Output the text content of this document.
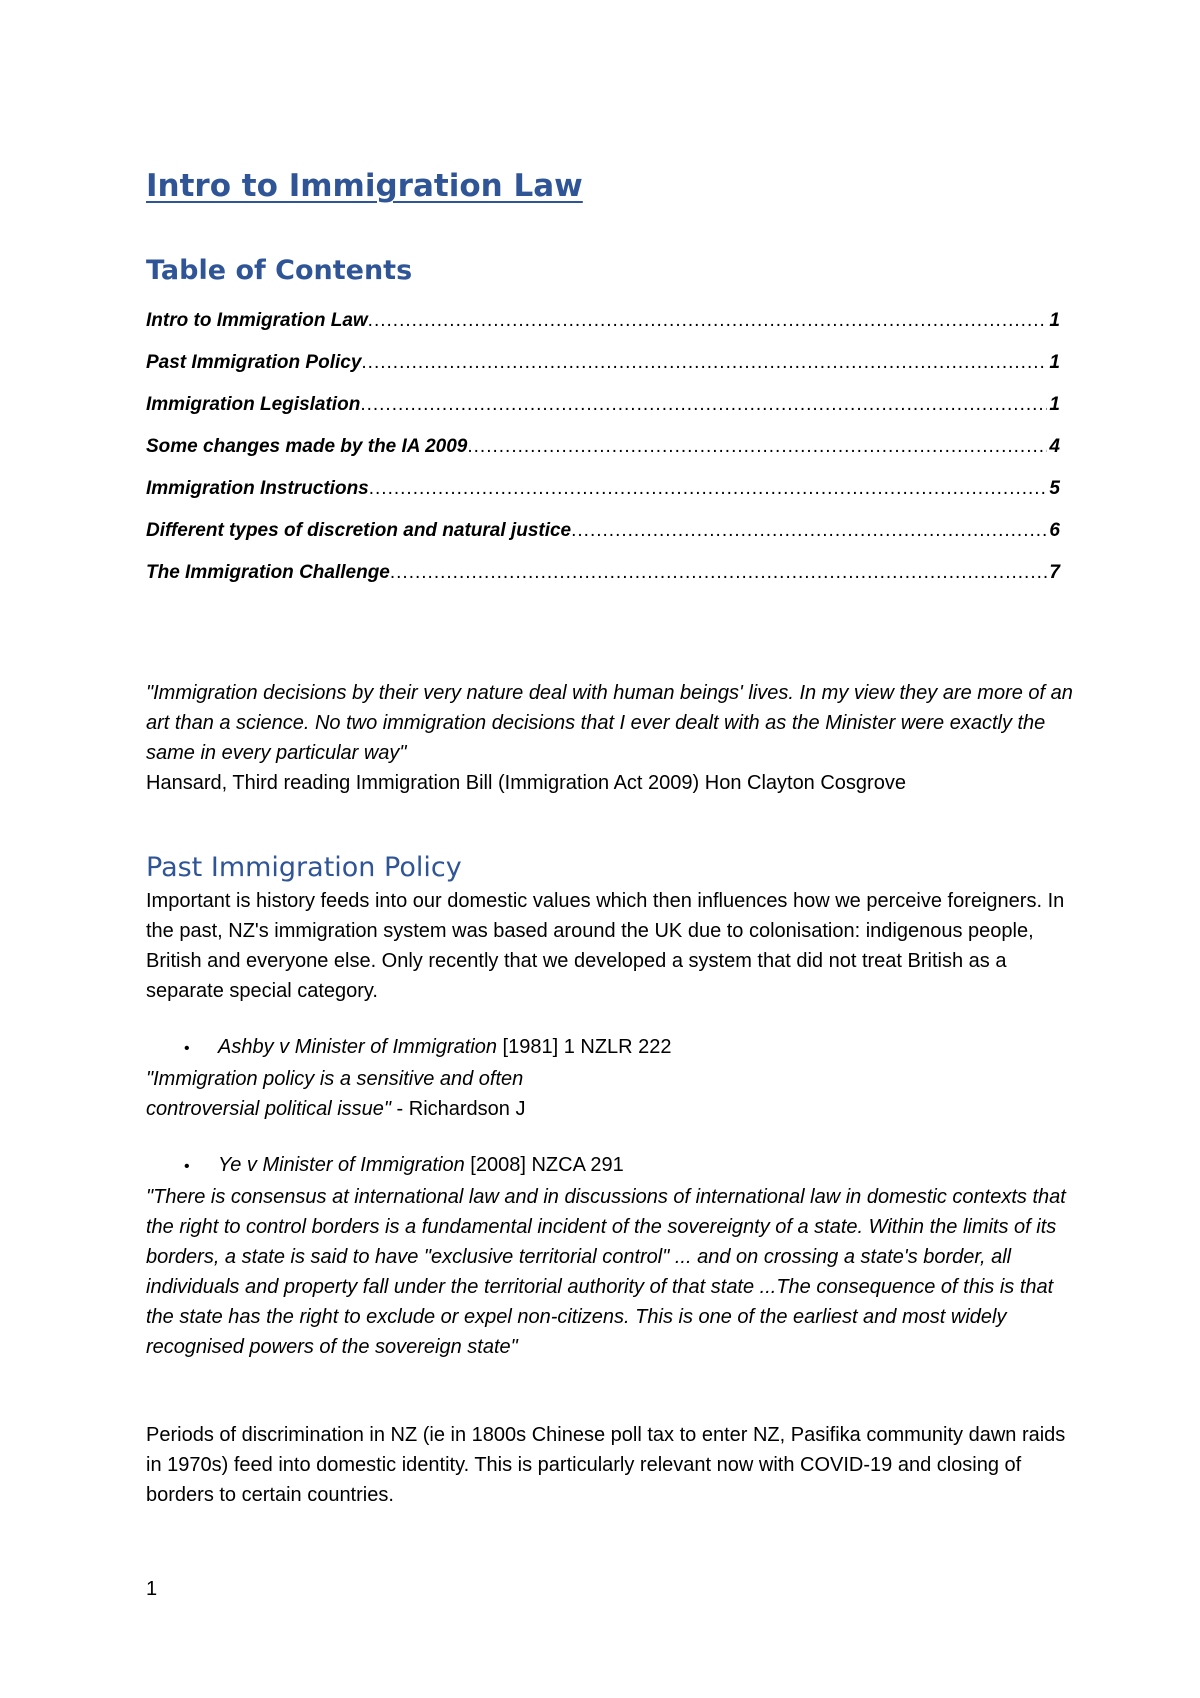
Intro to Immigration Law
Table of Contents
Intro to Immigration Law .....	1
Past Immigration Policy .....	1
Immigration Legislation .....	1
Some changes made by the IA 2009 .....	4
Immigration Instructions .....	5
Different types of discretion and natural justice .....	6
The Immigration Challenge .....	7

"Immigration decisions by their very nature deal with human beings' lives. In my view they are more of an art than a science. No two immigration decisions that I ever dealt with as the Minister were exactly the same in every particular way"

Hansard, Third reading Immigration Bill (Immigration Act 2009) Hon Clayton Cosgrove

Past Immigration Policy

Important is history feeds into our domestic values which then influences how we perceive foreigners. In the past, NZ's immigration system was based around the UK due to colonisation: indigenous people, British and everyone else. Only recently that we developed a system that did not treat British as a separate special category.

•	Ashby v Minister of Immigration [1981] 1 NZLR 222

"Immigration policy is a sensitive and often controversial political issue" - Richardson J

•	Ye v Minister of Immigration [2008] NZCA 291

"There is consensus at international law and in discussions of international law in domestic contexts that the right to control borders is a fundamental incident of the sovereignty of a state. Within the limits of its borders, a state is said to have "exclusive territorial control" ... and on crossing a state's border, all individuals and property fall under the territorial authority of that state ...The consequence of this is that the state has the right to exclude or expel non-citizens. This is one of the earliest and most widely recognised powers of the sovereign state"

Periods of discrimination in NZ (ie in 1800s Chinese poll tax to enter NZ, Pasifika community dawn raids in 1970s) feed into domestic identity. This is particularly relevant now with COVID-19 and closing of borders to certain countries.

1
